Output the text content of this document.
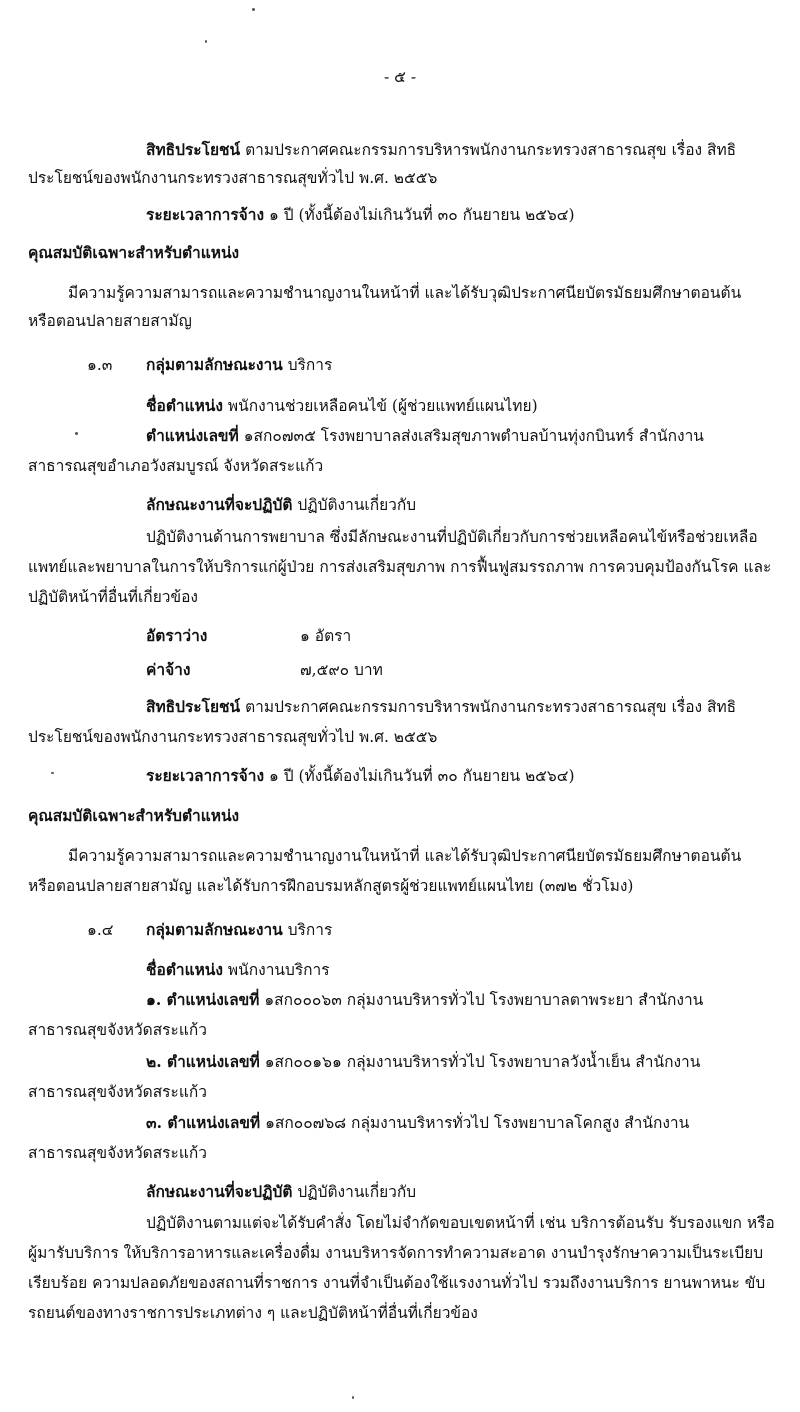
- ๕ -
สิทธิประโยชน์ ตามประกาศคณะกรรมการบริหารพนักงานกระทรวงสาธารณสุข เรื่อง สิทธิ
ประโยชน์ของพนักงานกระทรวงสาธารณสุขทั่วไป พ.ศ. ๒๕๕๖
ระยะเวลาการจ้าง ๑ ปี (ทั้งนี้ต้องไม่เกินวันที่ ๓๐ กันยายน ๒๕๖๔)
คุณสมบัติเฉพาะสำหรับตำแหน่ง
มีความรู้ความสามารถและความชำนาญงานในหน้าที่ และได้รับวุฒิประกาศนียบัตรมัธยมศึกษาตอนต้น
หรือตอนปลายสายสามัญ
๑.๓ กลุ่มตามลักษณะงาน บริการ
ชื่อตำแหน่ง พนักงานช่วยเหลือคนไข้ (ผู้ช่วยแพทย์แผนไทย)
ตำแหน่งเลขที่ ๑สก๐๗๓๕ โรงพยาบาลส่งเสริมสุขภาพตำบลบ้านทุ่งกบินทร์ สำนักงาน
สาธารณสุขอำเภอวังสมบูรณ์ จังหวัดสระแก้ว
ลักษณะงานที่จะปฏิบัติ ปฏิบัติงานเกี่ยวกับ
ปฏิบัติงานด้านการพยาบาล ซึ่งมีลักษณะงานที่ปฏิบัติเกี่ยวกับการช่วยเหลือคนไข้หรือช่วยเหลือ
แพทย์และพยาบาลในการให้บริการแก่ผู้ป่วย การส่งเสริมสุขภาพ การฟื้นฟูสมรรถภาพ การควบคุมป้องกันโรค และ
ปฏิบัติหน้าที่อื่นที่เกี่ยวข้อง
อัตราว่าง	๑ อัตรา
ค่าจ้าง	๗,๕๙๐ บาท
สิทธิประโยชน์ ตามประกาศคณะกรรมการบริหารพนักงานกระทรวงสาธารณสุข เรื่อง สิทธิ
ประโยชน์ของพนักงานกระทรวงสาธารณสุขทั่วไป พ.ศ. ๒๕๕๖
ระยะเวลาการจ้าง ๑ ปี (ทั้งนี้ต้องไม่เกินวันที่ ๓๐ กันยายน ๒๕๖๔)
คุณสมบัติเฉพาะสำหรับตำแหน่ง
มีความรู้ความสามารถและความชำนาญงานในหน้าที่ และได้รับวุฒิประกาศนียบัตรมัธยมศึกษาตอนต้น
หรือตอนปลายสายสามัญ และได้รับการฝึกอบรมหลักสูตรผู้ช่วยแพทย์แผนไทย (๓๗๒ ชั่วโมง)
๑.๔ กลุ่มตามลักษณะงาน บริการ
ชื่อตำแหน่ง พนักงานบริการ
๑. ตำแหน่งเลขที่ ๑สก๐๐๐๖๓ กลุ่มงานบริหารทั่วไป โรงพยาบาลตาพระยา สำนักงาน
สาธารณสุขจังหวัดสระแก้ว
๒. ตำแหน่งเลขที่ ๑สก๐๐๑๖๑ กลุ่มงานบริหารทั่วไป โรงพยาบาลวังน้ำเย็น สำนักงาน
สาธารณสุขจังหวัดสระแก้ว
๓. ตำแหน่งเลขที่ ๑สก๐๐๗๖๘ กลุ่มงานบริหารทั่วไป โรงพยาบาลโคกสูง สำนักงาน
สาธารณสุขจังหวัดสระแก้ว
ลักษณะงานที่จะปฏิบัติ ปฏิบัติงานเกี่ยวกับ
ปฏิบัติงานตามแต่จะได้รับคำสั่ง โดยไม่จำกัดขอบเขตหน้าที่ เช่น บริการต้อนรับ รับรองแขก หรือ
ผู้มารับบริการ ให้บริการอาหารและเครื่องดื่ม งานบริหารจัดการทำความสะอาด งานบำรุงรักษาความเป็นระเบียบ
เรียบร้อย ความปลอดภัยของสถานที่ราชการ งานที่จำเป็นต้องใช้แรงงานทั่วไป รวมถึงงานบริการ ยานพาหนะ ขับ
รถยนต์ของทางราชการประเภทต่าง ๆ และปฏิบัติหน้าที่อื่นที่เกี่ยวข้อง
